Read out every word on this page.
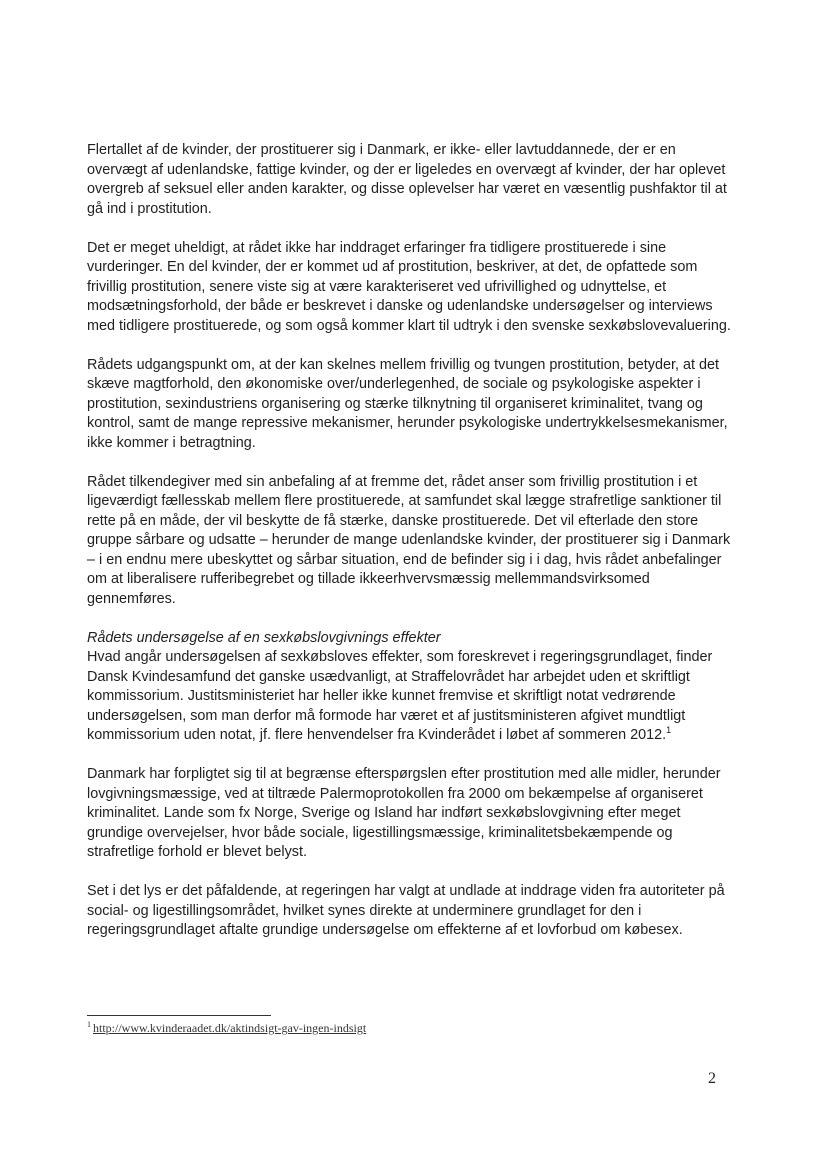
Flertallet af de kvinder, der prostituerer sig i Danmark, er ikke- eller lavtuddannede, der er en overvægt af udenlandske, fattige kvinder, og der er ligeledes en overvægt af kvinder, der har oplevet overgreb af seksuel eller anden karakter, og disse oplevelser har været en væsentlig pushfaktor til at gå ind i prostitution.

Det er meget uheldigt, at rådet ikke har inddraget erfaringer fra tidligere prostituerede i sine vurderinger. En del kvinder, der er kommet ud af prostitution, beskriver, at det, de opfattede som frivillig prostitution, senere viste sig at være karakteriseret ved ufrivillighed og udnyttelse, et modsætningsforhold, der både er beskrevet i danske og udenlandske undersøgelser og interviews med tidligere prostituerede, og som også kommer klart til udtryk i den svenske sexkøbslovevaluering.

Rådets udgangspunkt om, at der kan skelnes mellem frivillig og tvungen prostitution, betyder, at det skæve magtforhold, den økonomiske over/underlegenhed, de sociale og psykologiske aspekter i prostitution, sexindustriens organisering og stærke tilknytning til organiseret kriminalitet, tvang og kontrol, samt de mange repressive mekanismer, herunder psykologiske undertrykkelsesmekanismer, ikke kommer i betragtning.

Rådet tilkendegiver med sin anbefaling af at fremme det, rådet anser som frivillig prostitution i et ligeværdigt fællesskab mellem flere prostituerede, at samfundet skal lægge strafretlige sanktioner til rette på en måde, der vil beskytte de få stærke, danske prostituerede. Det vil efterlade den store gruppe sårbare og udsatte – herunder de mange udenlandske kvinder, der prostituerer sig i Danmark – i en endnu mere ubeskyttet og sårbar situation, end de befinder sig i i dag, hvis rådet anbefalinger om at liberalisere rufferibegrebet og tillade ikkeerhvervsmæssig mellemmandsvirksomed gennemføres.

Rådets undersøgelse af en sexkøbslovgivnings effekter

Hvad angår undersøgelsen af sexkøbsloves effekter, som foreskrevet i regeringsgrundlaget, finder Dansk Kvindesamfund det ganske usædvanligt, at Straffelovrådet har arbejdet uden et skriftligt kommissorium. Justitsministeriet har heller ikke kunnet fremvise et skriftligt notat vedrørende undersøgelsen, som man derfor må formode har været et af justitsministeren afgivet mundtligt kommissorium uden notat, jf. flere henvendelser fra Kvinderådet i løbet af sommeren 2012.$^1$

Danmark har forpligtet sig til at begrænse efterspørgslen efter prostitution med alle midler, herunder lovgivningsmæssige, ved at tiltræde Palermoprotokollen fra 2000 om bekæmpelse af organiseret kriminalitet. Lande som fx Norge, Sverige og Island har indført sexkøbslovgivning efter meget grundige overvejelser, hvor både sociale, ligestillingsmæssige, kriminalitetsbekæmpende og strafretlige forhold er blevet belyst.

Set i det lys er det påfaldende, at regeringen har valgt at undlade at inddrage viden fra autoriteter på social- og ligestillingsområdet, hvilket synes direkte at underminere grundlaget for den i regeringsgrundlaget aftalte grundige undersøgelse om effekterne af et lovforbud om købesex.

$^1$ http://www.kvinderaadet.dk/aktindsigt-gav-ingen-indsigt
2
